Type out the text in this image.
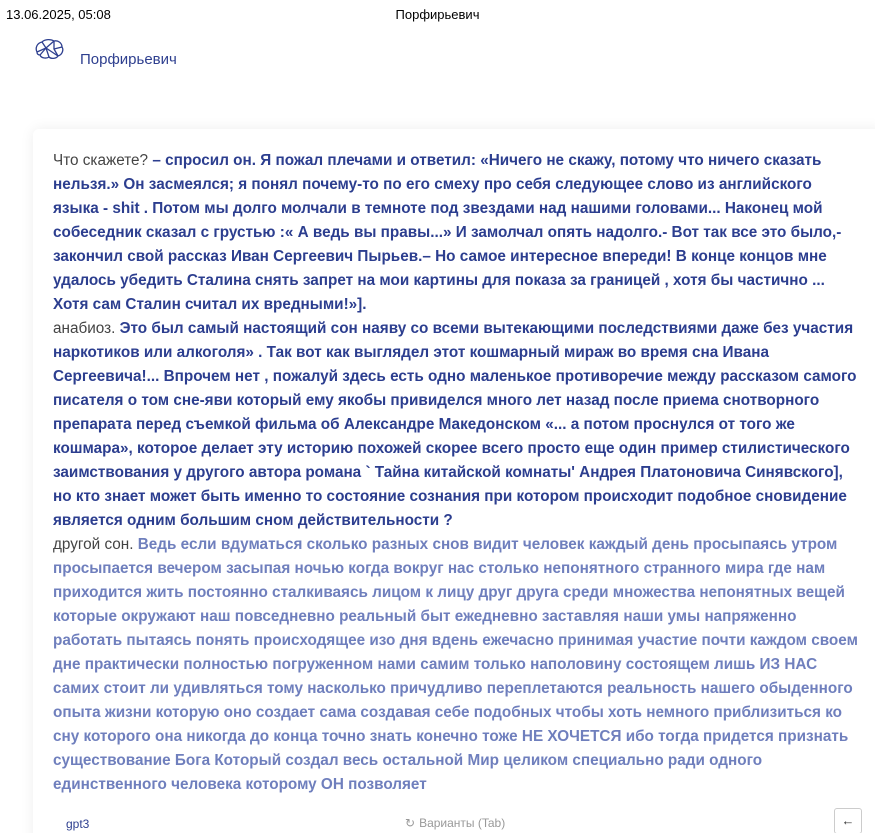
13.06.2025, 05:08	Порфирьевич
Порфирьевич

Что скажете? – спросил он. Я пожал плечами и ответил: «Ничего не скажу, потому что ничего сказать нельзя.» Он засмеялся; я понял почему-то по его смеху про себя следующее слово из английского языка - shit . Потом мы долго молчали в темноте под звездами над нашими головами... Наконец мой собеседник сказал с грустью :« А ведь вы правы...» И замолчал опять надолго.- Вот так все это было,- закончил свой рассказ Иван Сергеевич Пырьев.– Но самое интересное впереди! В конце концов мне удалось убедить Сталина снять запрет на мои картины для показа за границей , хотя бы частично ... Хотя сам Сталин считал их вредными!»].

анабиоз. Это был самый настоящий сон наяву со всеми вытекающими последствиями даже без участия наркотиков или алкоголя» . Так вот как выглядел этот кошмарный мираж во время сна Ивана Сергеевича!... Впрочем нет , пожалуй здесь есть одно маленькое противоречие между рассказом самого писателя о том сне-яви который ему якобы привиделся много лет назад после приема снотворного препарата перед съемкой фильма об Александре Македонском «... а потом проснулся от того же кошмара», которое делает эту историю похожей скорее всего просто еще один пример стилистического заимствования у другого автора романа ` Тайна китайской комнаты' Андрея Платоновича Синявского], но кто знает может быть именно то состояние сознания при котором происходит подобное сновидение является одним большим сном действительности ?

другой сон. Ведь если вдуматься сколько разных снов видит человек каждый день просыпаясь утром просыпается вечером засыпая ночью когда вокруг нас столько непонятного странного мира где нам приходится жить постоянно сталкиваясь лицом к лицу друг друга среди множества непонятных вещей которые окружают наш повседневно реальный быт ежедневно заставляя наши умы напряженно работать пытаясь понять происходящее изо дня вдень ежечасно принимая участие почти каждом своем дне практически полностью погруженном нами самим только наполовину состоящем лишь ИЗ НАС самих стоит ли удивляться тому насколько причудливо переплетаются реальность нашего обыденного опыта жизни которую оно создает сама создавая себе подобных чтобы хоть немного приблизиться ко сну которого она никогда до конца точно знать конечно тоже НЕ ХОЧЕТСЯ ибо тогда придется признать существование Бога Который создал весь остальной Мир целиком специально ради одного единственного человека которому ОН позволяет

gpt3	↻ Варианты (Tab)	←
